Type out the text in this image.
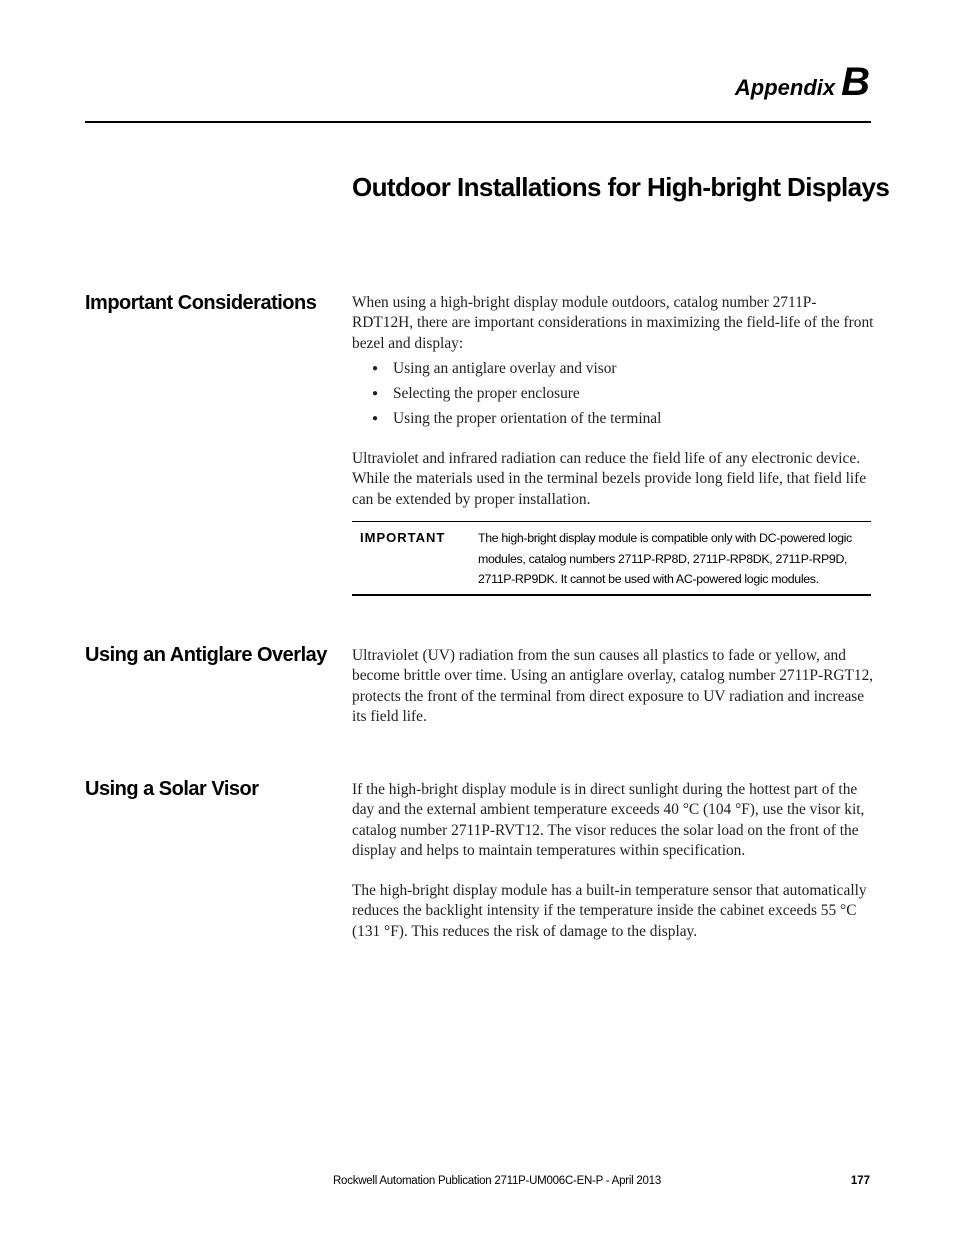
Appendix B
Outdoor Installations for High-bright Displays
Important Considerations	When using a high-bright display module outdoors, catalog number 2711P-RDT12H, there are important considerations in maximizing the field-life of the front bezel and display:

● Using an antiglare overlay and visor
● Selecting the proper enclosure
● Using the proper orientation of the terminal

Ultraviolet and infrared radiation can reduce the field life of any electronic device. While the materials used in the terminal bezels provide long field life, that field life can be extended by proper installation.

IMPORTANT	The high-bright display module is compatible only with DC-powered logic modules, catalog numbers 2711P-RP8D, 2711P-RP8DK, 2711P-RP9D, 2711P-RP9DK. It cannot be used with AC-powered logic modules.

Using an Antiglare Overlay	Ultraviolet (UV) radiation from the sun causes all plastics to fade or yellow, and become brittle over time. Using an antiglare overlay, catalog number 2711P-RGT12, protects the front of the terminal from direct exposure to UV radiation and increase its field life.

Using a Solar Visor	If the high-bright display module is in direct sunlight during the hottest part of the day and the external ambient temperature exceeds 40 °C (104 °F), use the visor kit, catalog number 2711P-RVT12. The visor reduces the solar load on the front of the display and helps to maintain temperatures within specification.

The high-bright display module has a built-in temperature sensor that automatically reduces the backlight intensity if the temperature inside the cabinet exceeds 55 °C (131 °F). This reduces the risk of damage to the display.

Rockwell Automation Publication 2711P-UM006C-EN-P - April 2013	177
